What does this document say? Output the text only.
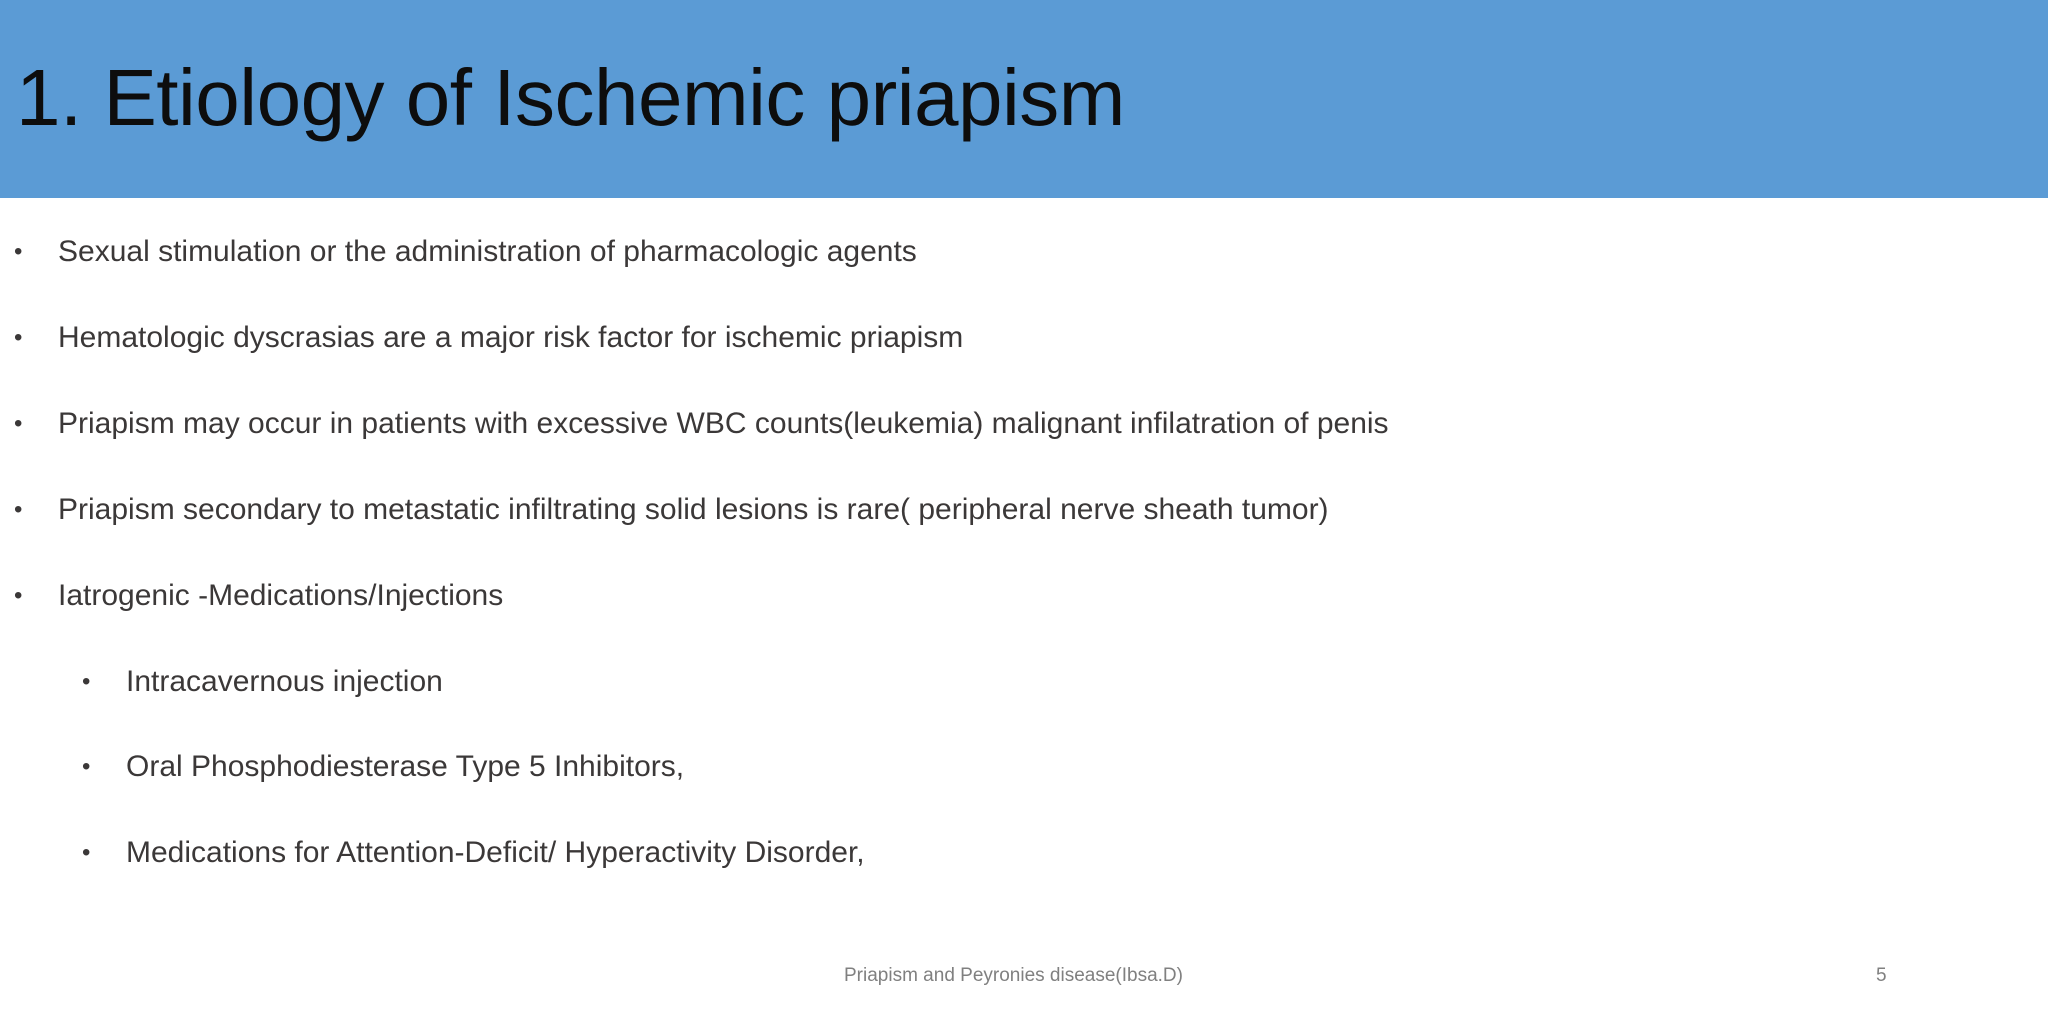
1. Etiology of Ischemic priapism
•	Sexual stimulation or the administration of pharmacologic agents
•	Hematologic dyscrasias are a major risk factor for ischemic priapism
•	Priapism may occur in patients with excessive WBC counts(leukemia) malignant infilatration of penis
•	Priapism secondary to metastatic infiltrating solid lesions is rare( peripheral nerve sheath tumor)
•	Iatrogenic -Medications/Injections
•	Intracavernous injection
•	Oral Phosphodiesterase Type 5 Inhibitors,
•	Medications for Attention-Deficit/ Hyperactivity Disorder,
Priapism and Peyronies disease(Ibsa.D)	5
